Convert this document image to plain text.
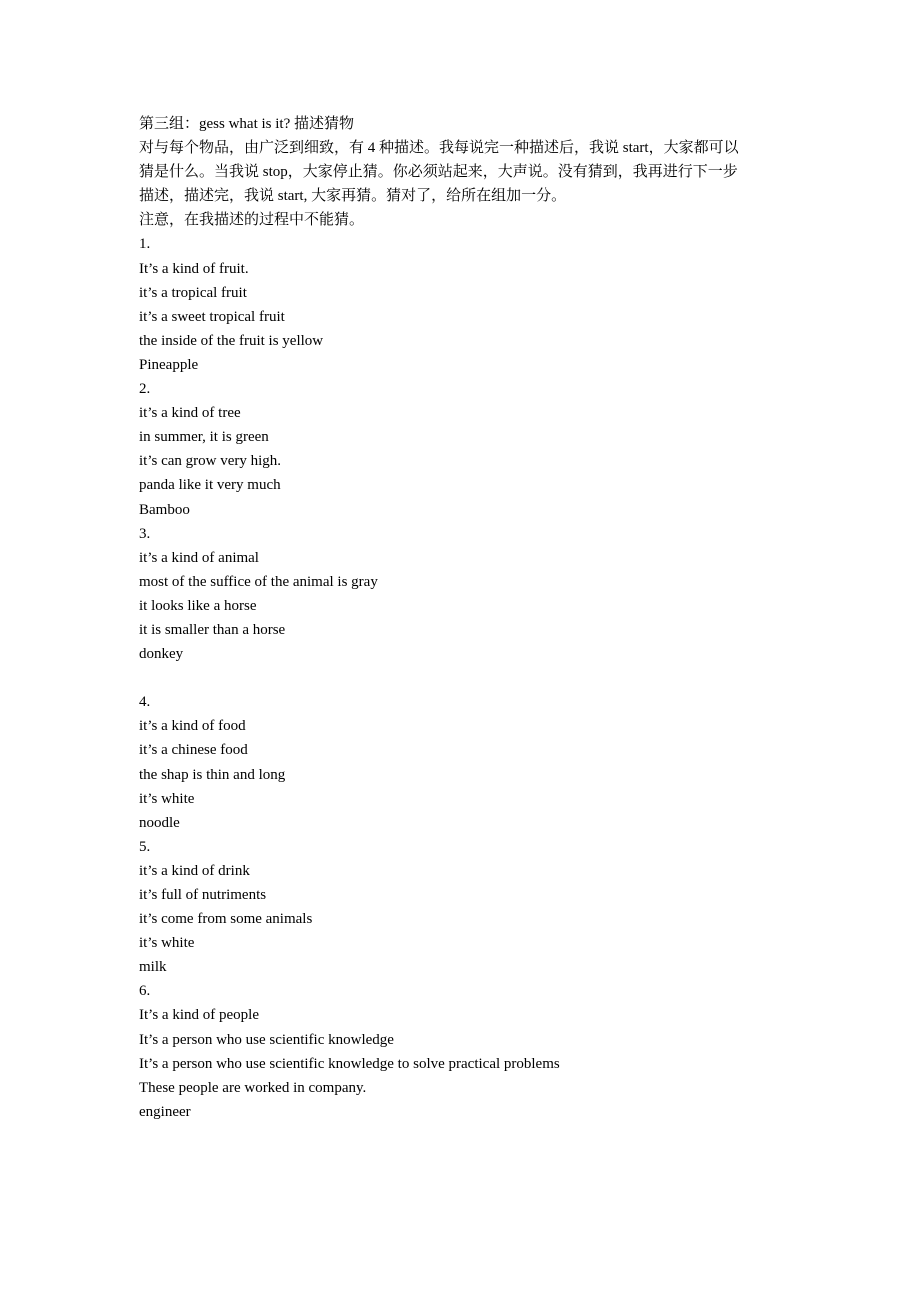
第三组：gess what is it? 描述猜物
对与每个物品，由广泛到细致，有 4 种描述。我每说完一种描述后，我说 start，大家都可以
猜是什么。当我说 stop，大家停止猜。你必须站起来，大声说。没有猜到，我再进行下一步
描述，描述完，我说 start, 大家再猜。猜对了，给所在组加一分。
注意，在我描述的过程中不能猜。
1.
It’s a kind of fruit.
it’s a tropical fruit
it’s a sweet tropical fruit
the inside of the fruit is yellow
Pineapple
2.
it’s a kind of tree
in summer, it is green
it’s can grow very high.
panda like it very much
Bamboo
3.
it’s a kind of animal
most of the suffice of the animal is gray
it looks like a horse
it is smaller than a horse
donkey
4.
it’s a kind of food
it’s a chinese food
the shap is thin and long
it’s white
noodle
5.
it’s a kind of drink
it’s full of nutriments
it’s come from some animals
it’s white
milk
6.
It’s a kind of people
It’s a person who use scientific knowledge
It’s a person who use scientific knowledge to solve practical problems
These people are worked in company.
engineer
